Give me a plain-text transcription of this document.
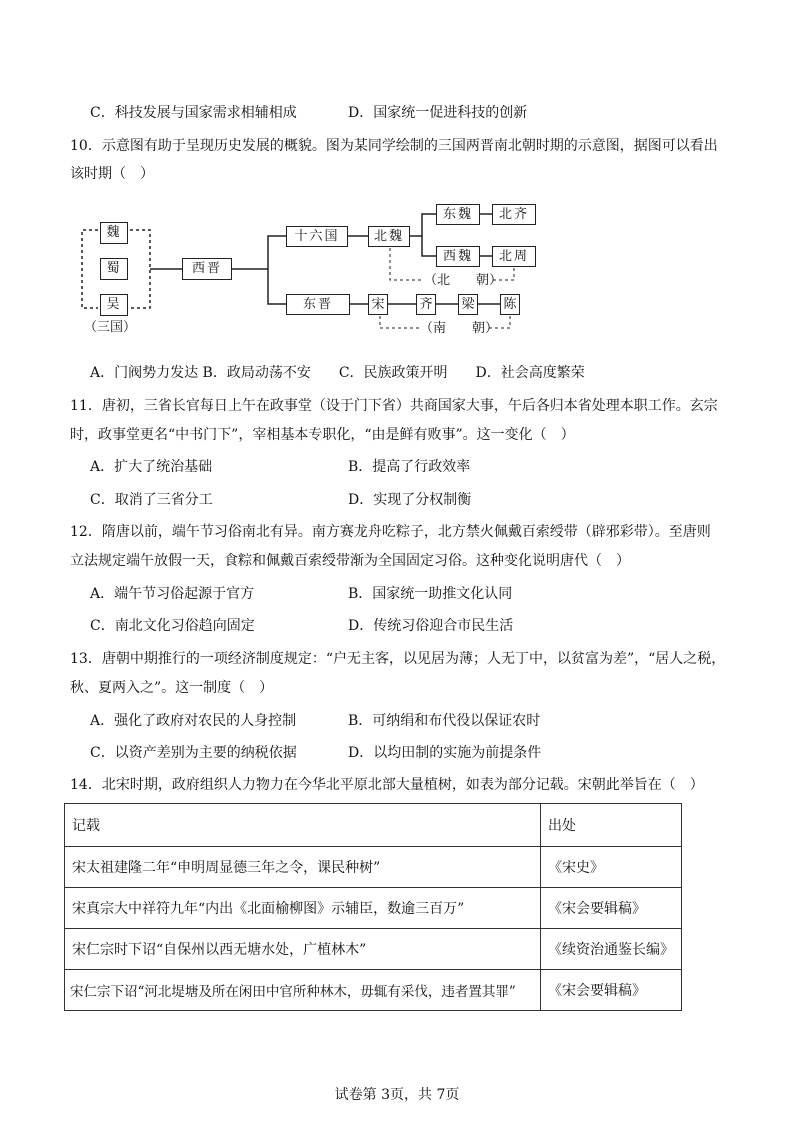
C．科技发展与国家需求相辅相成	D．国家统一促进科技的创新
10．示意图有助于呈现历史发展的概貌。图为某同学绘制的三国两晋南北朝时期的示意图，据图可以看出
该时期（　）
魏
蜀
吴
（三国）
西晋
十六国	北魏
东魏	北齐
西魏	北周
（北　　朝）
东晋	宋	齐 梁 陈
（南　　朝）
A．门阀势力发达 B．政局动荡不安　　C．民族政策开明　　D．社会高度繁荣
11．唐初，三省长官每日上午在政事堂（设于门下省）共商国家大事，午后各归本省处理本职工作。玄宗
时，政事堂更名“中书门下”，宰相基本专职化，“由是鲜有败事”。这一变化（　）
A．扩大了统治基础	B．提高了行政效率
C．取消了三省分工	D．实现了分权制衡
12．隋唐以前，端午节习俗南北有异。南方赛龙舟吃粽子，北方禁火佩戴百索绶带（辟邪彩带）。至唐则
立法规定端午放假一天，食粽和佩戴百索绶带渐为全国固定习俗。这种变化说明唐代（　）
A．端午节习俗起源于官方	B．国家统一助推文化认同
C．南北文化习俗趋向固定	D．传统习俗迎合市民生活
13．唐朝中期推行的一项经济制度规定：“户无主客，以见居为薄；人无丁中，以贫富为差”，“居人之税，
秋、夏两入之”。这一制度（　）
A．强化了政府对农民的人身控制	B．可纳绢和布代役以保证农时
C．以资产差别为主要的纳税依据	D．以均田制的实施为前提条件
14．北宋时期，政府组织人力物力在今华北平原北部大量植树，如表为部分记载。宋朝此举旨在（　）
记载	出处
宋太祖建隆二年“申明周显德三年之令，课民种树”	《宋史》
宋真宗大中祥符九年“内出《北面榆柳图》示辅臣，数逾三百万”	《宋会要辑稿》
宋仁宗时下诏“自保州以西无塘水处，广植林木”	《续资治通鉴长编》
宋仁宗下诏“河北堤塘及所在闲田中官所种林木，毋辄有采伐，违者置其罪”	《宋会要辑稿》
试卷第 3页，共 7页
